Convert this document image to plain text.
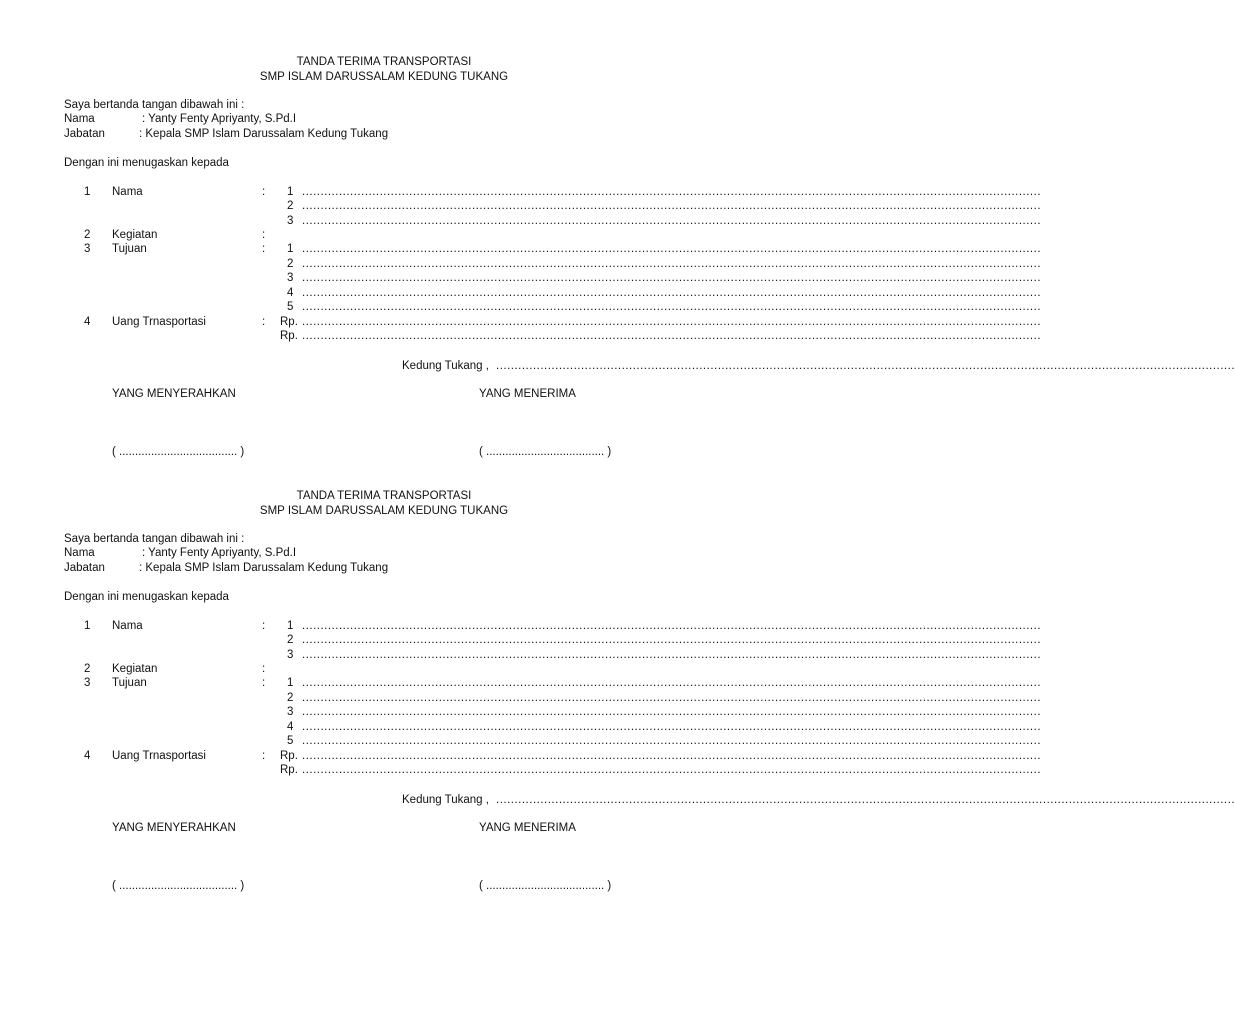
TANDA TERIMA TRANSPORTASI
SMP ISLAM DARUSSALAM KEDUNG TUKANG
Saya bertanda tangan dibawah ini :
Nama	: Yanty Fenty Apriyanty, S.Pd.I
Jabatan	: Kepala SMP Islam Darussalam Kedung Tukang
Dengan ini menugaskan kepada
1 Nama	: 1 ........................................................................................................................................................................................................
2 ........................................................................................................................................................................................................
3 ........................................................................................................................................................................................................
2 Kegiatan	:
3 Tujuan	: 1 ........................................................................................................................................................................................................
2 ........................................................................................................................................................................................................
3 ........................................................................................................................................................................................................
4 ........................................................................................................................................................................................................
5 ........................................................................................................................................................................................................
4 Uang Trnasportasi	: Rp. ........................................................................................................................................................................................................
Rp. ........................................................................................................................................................................................................
Kedung Tukang , ........................................................................................................................................................................................................
YANG MENYERAHKAN	YANG MENERIMA
( ..................................... )	( ..................................... )
TANDA TERIMA TRANSPORTASI
SMP ISLAM DARUSSALAM KEDUNG TUKANG
Saya bertanda tangan dibawah ini :
Nama	: Yanty Fenty Apriyanty, S.Pd.I
Jabatan	: Kepala SMP Islam Darussalam Kedung Tukang
Dengan ini menugaskan kepada
1 Nama	: 1 ........................................................................................................................................................................................................
2 ........................................................................................................................................................................................................
3 ........................................................................................................................................................................................................
2 Kegiatan	:
3 Tujuan	: 1 ........................................................................................................................................................................................................
2 ........................................................................................................................................................................................................
3 ........................................................................................................................................................................................................
4 ........................................................................................................................................................................................................
5 ........................................................................................................................................................................................................
4 Uang Trnasportasi	: Rp. ........................................................................................................................................................................................................
Rp. ........................................................................................................................................................................................................
Kedung Tukang , ........................................................................................................................................................................................................
YANG MENYERAHKAN	YANG MENERIMA
( ..................................... )	( ..................................... )
